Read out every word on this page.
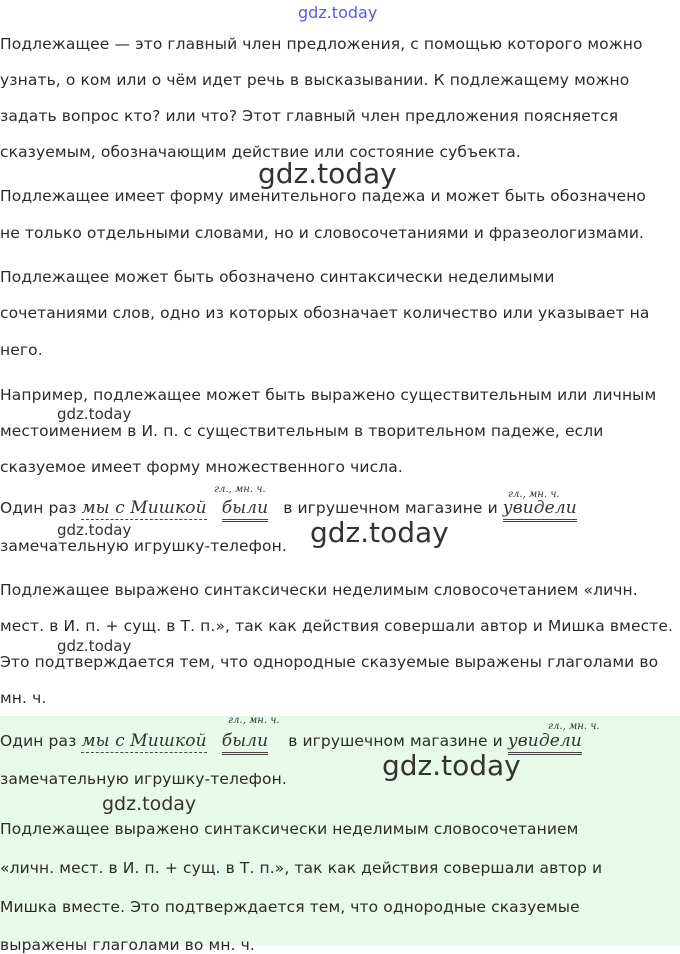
gdz.today
Подлежащее — это главный член предложения, с помощью которого можно
узнать, о ком или о чём идет речь в высказывании. К подлежащему можно
задать вопрос кто? или что? Этот главный член предложения поясняется
сказуемым, обозначающим действие или состояние субъекта.
gdz.today
Подлежащее имеет форму именительного падежа и может быть обозначено
не только отдельными словами, но и словосочетаниями и фразеологизмами.
Подлежащее может быть обозначено синтаксически неделимыми
сочетаниями слов, одно из которых обозначает количество или указывает на
него.
Например, подлежащее может быть выражено существительным или личным
местоимением в И. п. с существительным в творительном падеже, если
сказуемое имеет форму множественного числа.
gdz.today
гл., мн. ч.	гл., мн. ч.
Один раз мы с Мишкой были в игрушечном магазине и увидели
замечательную игрушку-телефон.
gdz.today	gdz.today
Подлежащее выражено синтаксически неделимым словосочетанием «личн.
мест. в И. п. + сущ. в Т. п.», так как действия совершали автор и Мишка вместе.
Это подтверждается тем, что однородные сказуемые выражены глаголами во
мн. ч.
gdz.today
гл., мн. ч.
гл., мн. ч.
Один раз мы с Мишкой были в игрушечном магазине и увидели
замечательную игрушку-телефон.	gdz.today
gdz.today
Подлежащее выражено синтаксически неделимым словосочетанием
«личн. мест. в И. п. + сущ. в Т. п.», так как действия совершали автор и
Мишка вместе. Это подтверждается тем, что однородные сказуемые
выражены глаголами во мн. ч.
